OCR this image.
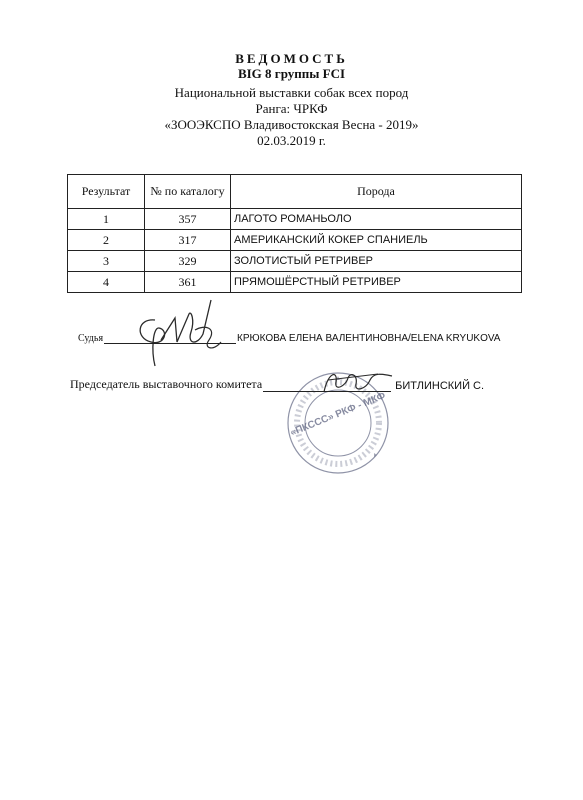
ВЕДОМОСТЬ
BIG 8 группы FCI
Национальной выставки собак всех пород
Ранга: ЧРКФ
«ЗООЭКСПО Владивостокская Весна - 2019»
02.03.2019 г.
Результат	№ по каталогу	Порода
1	357	ЛАГОТО РОМАНЬОЛО
2	317	АМЕРИКАНСКИЙ КОКЕР СПАНИЕЛЬ
3	329	ЗОЛОТИСТЫЙ РЕТРИВЕР
4	361	ПРЯМОШЁРСТНЫЙ РЕТРИВЕР
Судья	КРЮКОВА ЕЛЕНА ВАЛЕНТИНОВНА/ELENA KRYUKOVA
«ПКССС» РКФ - МКФ
Председатель выставочного комитета	БИТЛИНСКИЙ С.
